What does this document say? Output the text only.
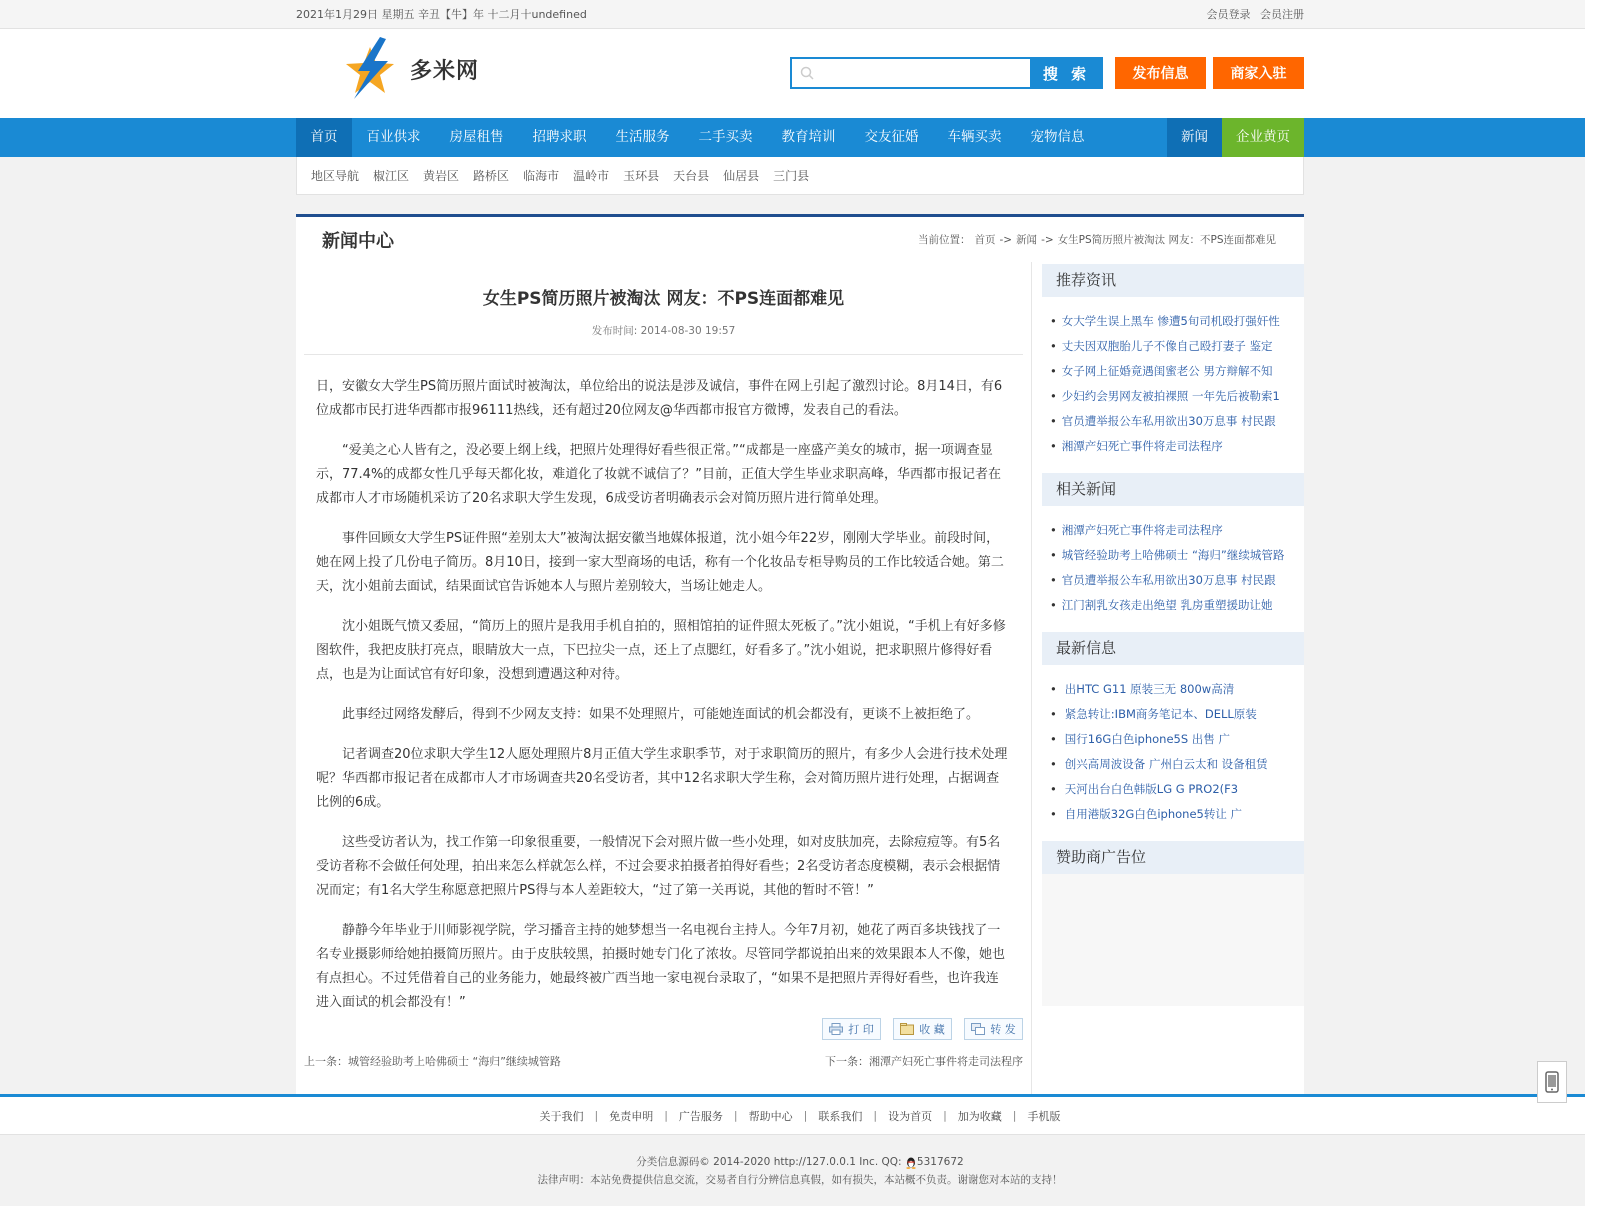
2021年1月29日 星期五 辛丑【牛】年 十二月十undefined	会员登录 会员注册
多米网	搜 索	发布信息	商家入驻
首页	百业供求	房屋租售	招聘求职	生活服务	二手买卖	教育培训	交友征婚	车辆买卖	宠物信息	新闻	企业黄页
地区导航 椒江区 黄岩区 路桥区 临海市 温岭市 玉环县 天台县 仙居县 三门县
新闻中心	当前位置： 首页 -> 新闻 -> 女生PS简历照片被淘汰 网友：不PS连面都难见
女生PS简历照片被淘汰 网友：不PS连面都难见
发布时间: 2014-08-30 19:57

日，安徽女大学生PS简历照片面试时被淘汰，单位给出的说法是涉及诚信，事件在网上引起了激烈讨论。8月14日，有6位成都市民打进华西都市报96111热线，还有超过20位网友@华西都市报官方微博，发表自己的看法。

“爱美之心人皆有之，没必要上纲上线，把照片处理得好看些很正常。”“成都是一座盛产美女的城市，据一项调查显示，77.4%的成都女性几乎每天都化妆，难道化了妆就不诚信了？”目前，正值大学生毕业求职高峰，华西都市报记者在成都市人才市场随机采访了20名求职大学生发现，6成受访者明确表示会对简历照片进行简单处理。

事件回顾女大学生PS证件照“差别太大”被淘汰据安徽当地媒体报道，沈小姐今年22岁，刚刚大学毕业。前段时间，她在网上投了几份电子简历。8月10日，接到一家大型商场的电话，称有一个化妆品专柜导购员的工作比较适合她。第二天，沈小姐前去面试，结果面试官告诉她本人与照片差别较大，当场让她走人。

沈小姐既气愤又委屈，“简历上的照片是我用手机自拍的，照相馆拍的证件照太死板了。”沈小姐说，“手机上有好多修图软件，我把皮肤打亮点，眼睛放大一点，下巴拉尖一点，还上了点腮红，好看多了。”沈小姐说，把求职照片修得好看点，也是为让面试官有好印象，没想到遭遇这种对待。

此事经过网络发酵后，得到不少网友支持：如果不处理照片，可能她连面试的机会都没有，更谈不上被拒绝了。

记者调查20位求职大学生12人愿处理照片8月正值大学生求职季节，对于求职简历的照片，有多少人会进行技术处理呢？华西都市报记者在成都市人才市场调查共20名受访者，其中12名求职大学生称，会对简历照片进行处理，占据调查比例的6成。

这些受访者认为，找工作第一印象很重要，一般情况下会对照片做一些小处理，如对皮肤加亮，去除痘痘等。有5名受访者称不会做任何处理，拍出来怎么样就怎么样，不过会要求拍摄者拍得好看些；2名受访者态度模糊，表示会根据情况而定；有1名大学生称愿意把照片PS得与本人差距较大，“过了第一关再说，其他的暂时不管！”

静静今年毕业于川师影视学院，学习播音主持的她梦想当一名电视台主持人。今年7月初，她花了两百多块钱找了一名专业摄影师给她拍摄简历照片。由于皮肤较黑，拍摄时她专门化了浓妆。尽管同学都说拍出来的效果跟本人不像，她也有点担心。不过凭借着自己的业务能力，她最终被广西当地一家电视台录取了，“如果不是把照片弄得好看些，也许我连进入面试的机会都没有！”

打 印	收 藏	转 发
上一条：城管经验助考上哈佛硕士 “海归”继续城管路	下一条：湘潭产妇死亡事件将走司法程序
推荐资讯
• 女大学生误上黑车 惨遭5旬司机殴打强奸性
• 丈夫因双胞胎儿子不像自己殴打妻子 鉴定
• 女子网上征婚竟遇闺蜜老公 男方辩解不知
• 少妇约会男网友被拍裸照 一年先后被勒索1
• 官员遭举报公车私用欲出30万息事 村民跟
• 湘潭产妇死亡事件将走司法程序
相关新闻
• 湘潭产妇死亡事件将走司法程序
• 城管经验助考上哈佛硕士 “海归”继续城管路
• 官员遭举报公车私用欲出30万息事 村民跟
• 江门割乳女孩走出绝望 乳房重塑援助让她
最新信息
• 出HTC G11 原装三无 800w高清
• 紧急转让:IBM商务笔记本、DELL原装
• 国行16G白色iphone5S 出售 广
• 创兴高周波设备 广州白云太和 设备租赁
• 天河出台白色韩版LG G PRO2(F3
• 自用港版32G白色iphone5转让 广
赞助商广告位
关于我们 | 免责申明 | 广告服务 | 帮助中心 | 联系我们 | 设为首页 | 加为收藏 | 手机版
分类信息源码© 2014-2020 http://127.0.0.1 Inc. QQ: 5317672
法律声明：本站免费提供信息交流，交易者自行分辨信息真假，如有损失，本站概不负责。谢谢您对本站的支持！
